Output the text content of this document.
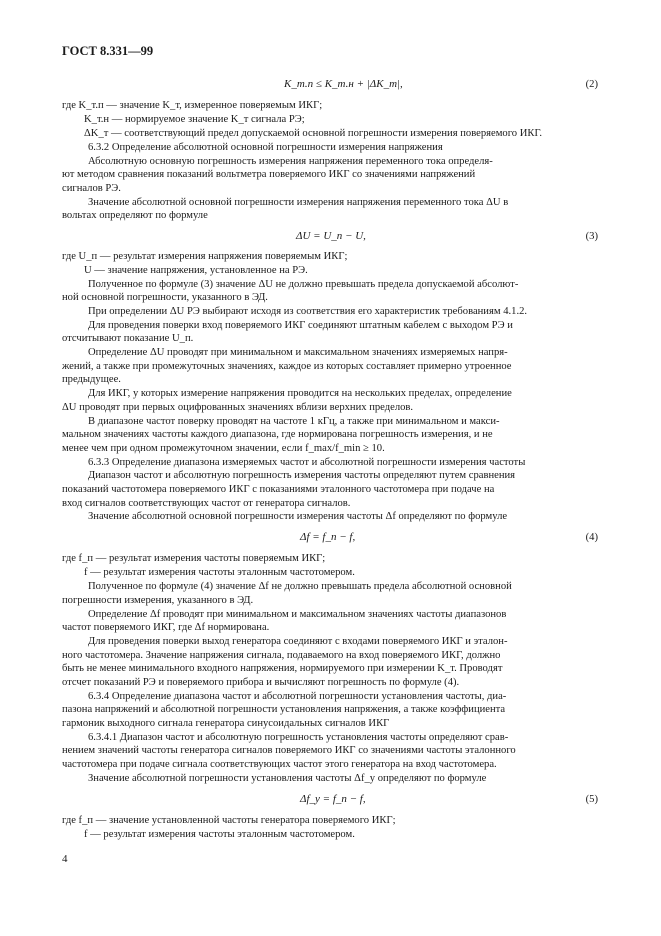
ГОСТ 8.331—99
K_т.п ≤ K_т.н + |ΔK_т|,	(2)
где K_т.п — значение K_т, измеренное поверяемым ИКГ;
K_т.н — нормируемое значение K_т сигнала РЭ;
ΔK_т — соответствующий предел допускаемой основной погрешности измерения поверяемого ИКГ.
6.3.2 Определение абсолютной основной погрешности измерения напряжения
Абсолютную основную погрешность измерения напряжения переменного тока определя-
ют методом сравнения показаний вольтметра поверяемого ИКГ со значениями напряжений
сигналов РЭ.
Значение абсолютной основной погрешности измерения напряжения переменного тока ΔU в
вольтах определяют по формуле
ΔU = U_п − U,	(3)
где U_п — результат измерения напряжения поверяемым ИКГ;
U — значение напряжения, установленное на РЭ.
Полученное по формуле (3) значение ΔU не должно превышать предела допускаемой абсолют-
ной основной погрешности, указанного в ЭД.
При определении ΔU РЭ выбирают исходя из соответствия его характеристик требованиям 4.1.2.
Для проведения поверки вход поверяемого ИКГ соединяют штатным кабелем с выходом РЭ и
отсчитывают показание U_п.
Определение ΔU проводят при минимальном и максимальном значениях измеряемых напря-
жений, а также при промежуточных значениях, каждое из которых составляет примерно утроенное
предыдущее.
Для ИКГ, у которых измерение напряжения проводится на нескольких пределах, определение
ΔU проводят при первых оцифрованных значениях вблизи верхних пределов.
В диапазоне частот поверку проводят на частоте 1 кГц, а также при минимальном и макси-
мальном значениях частоты каждого диапазона, где нормирована погрешность измерения, и не
менее чем при одном промежуточном значении, если f_max/f_min ≥ 10.
6.3.3 Определение диапазона измеряемых частот и абсолютной погрешности измерения частоты
Диапазон частот и абсолютную погрешность измерения частоты определяют путем сравнения
показаний частотомера поверяемого ИКГ с показаниями эталонного частотомера при подаче на
вход сигналов соответствующих частот от генератора сигналов.
Значение абсолютной основной погрешности измерения частоты Δf определяют по формуле
Δf = f_п − f,	(4)
где f_п — результат измерения частоты поверяемым ИКГ;
f — результат измерения частоты эталонным частотомером.
Полученное по формуле (4) значение Δf не должно превышать предела абсолютной основной
погрешности измерения, указанного в ЭД.
Определение Δf проводят при минимальном и максимальном значениях частоты диапазонов
частот поверяемого ИКГ, где Δf нормирована.
Для проведения поверки выход генератора соединяют с входами поверяемого ИКГ и эталон-
ного частотомера. Значение напряжения сигнала, подаваемого на вход поверяемого ИКГ, должно
быть не менее минимального входного напряжения, нормируемого при измерении K_т. Проводят
отсчет показаний РЭ и поверяемого прибора и вычисляют погрешность по формуле (4).
6.3.4 Определение диапазона частот и абсолютной погрешности установления частоты, диа-
пазона напряжений и абсолютной погрешности установления напряжения, а также коэффициента
гармоник выходного сигнала генератора синусоидальных сигналов ИКГ
6.3.4.1 Диапазон частот и абсолютную погрешность установления частоты определяют срав-
нением значений частоты генератора сигналов поверяемого ИКГ со значениями частоты эталонного
частотомера при подаче сигнала соответствующих частот этого генератора на вход частотомера.
Значение абсолютной погрешности установления частоты Δf_у определяют по формуле
Δf_у = f_п − f,	(5)
где f_п — значение установленной частоты генератора поверяемого ИКГ;
f — результат измерения частоты эталонным частотомером.
4
